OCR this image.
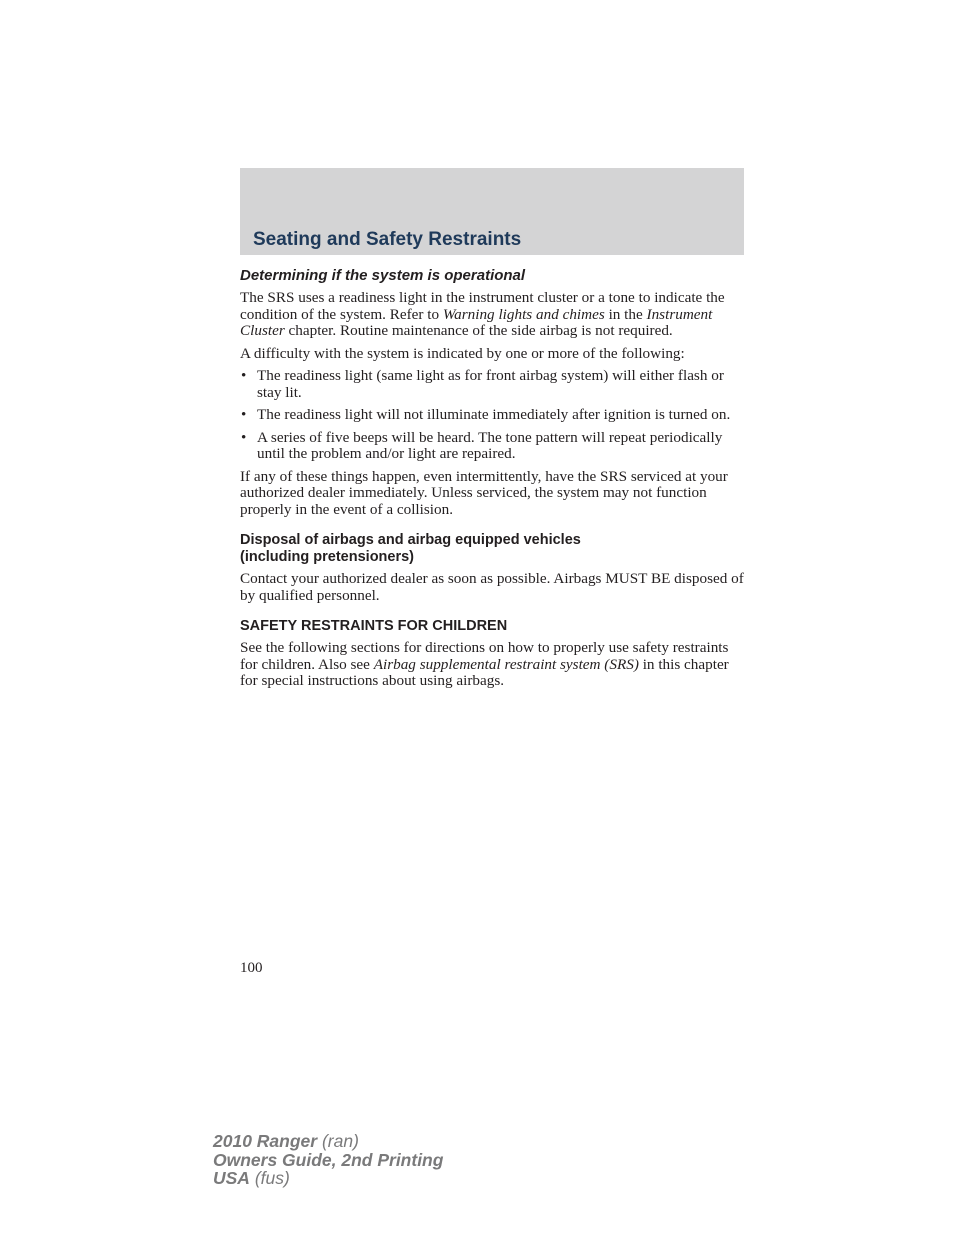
Seating and Safety Restraints
Determining if the system is operational

The SRS uses a readiness light in the instrument cluster or a tone to indicate the condition of the system. Refer to Warning lights and chimes in the Instrument Cluster chapter. Routine maintenance of the side airbag is not required.

A difficulty with the system is indicated by one or more of the following:

• The readiness light (same light as for front airbag system) will either flash or stay lit.
• The readiness light will not illuminate immediately after ignition is turned on.
• A series of five beeps will be heard. The tone pattern will repeat periodically until the problem and/or light are repaired.

If any of these things happen, even intermittently, have the SRS serviced at your authorized dealer immediately. Unless serviced, the system may not function properly in the event of a collision.

Disposal of airbags and airbag equipped vehicles
(including pretensioners)

Contact your authorized dealer as soon as possible. Airbags MUST BE disposed of by qualified personnel.

SAFETY RESTRAINTS FOR CHILDREN

See the following sections for directions on how to properly use safety restraints for children. Also see Airbag supplemental restraint system (SRS) in this chapter for special instructions about using airbags.

100
2010 Ranger (ran)
Owners Guide, 2nd Printing
USA (fus)
